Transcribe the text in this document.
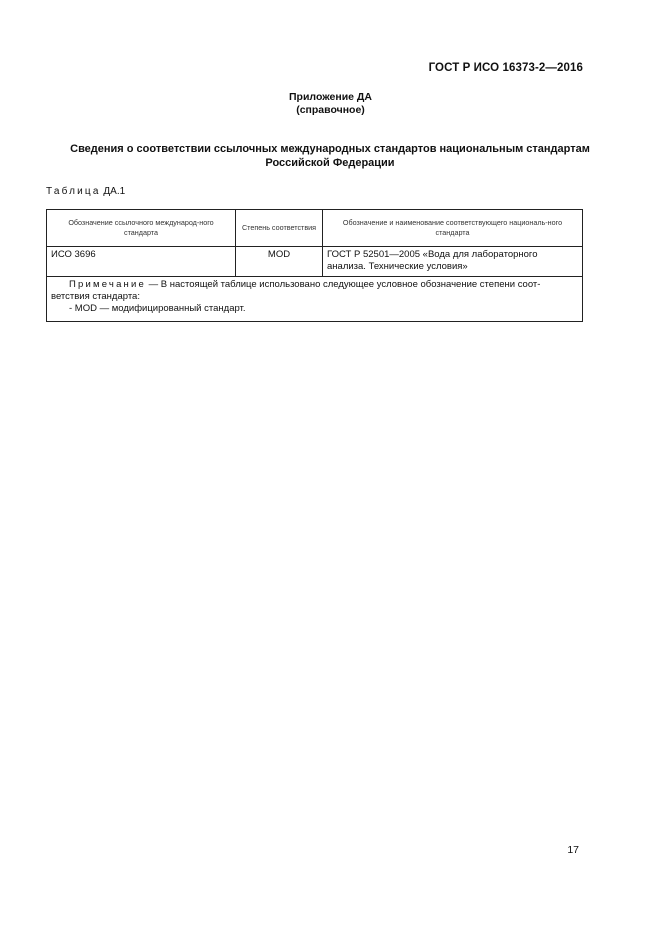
ГОСТ Р ИСО 16373-2—2016
Приложение ДА
(справочное)
Сведения о соответствии ссылочных международных стандартов национальным стандартам
Российской Федерации
Таблица ДА.1
Обозначение ссылочного международ-ного стандарта	Степень соответствия	Обозначение и наименование соответствующего националь-ного стандарта
ИСО 3696	MOD	ГОСТ Р 52501—2005 «Вода для лабораторного анализа. Технические условия»

Примечание — В настоящей таблице использовано следующее условное обозначение степени соот-ветствия стандарта:
- MOD — модифицированный стандарт.		
17
